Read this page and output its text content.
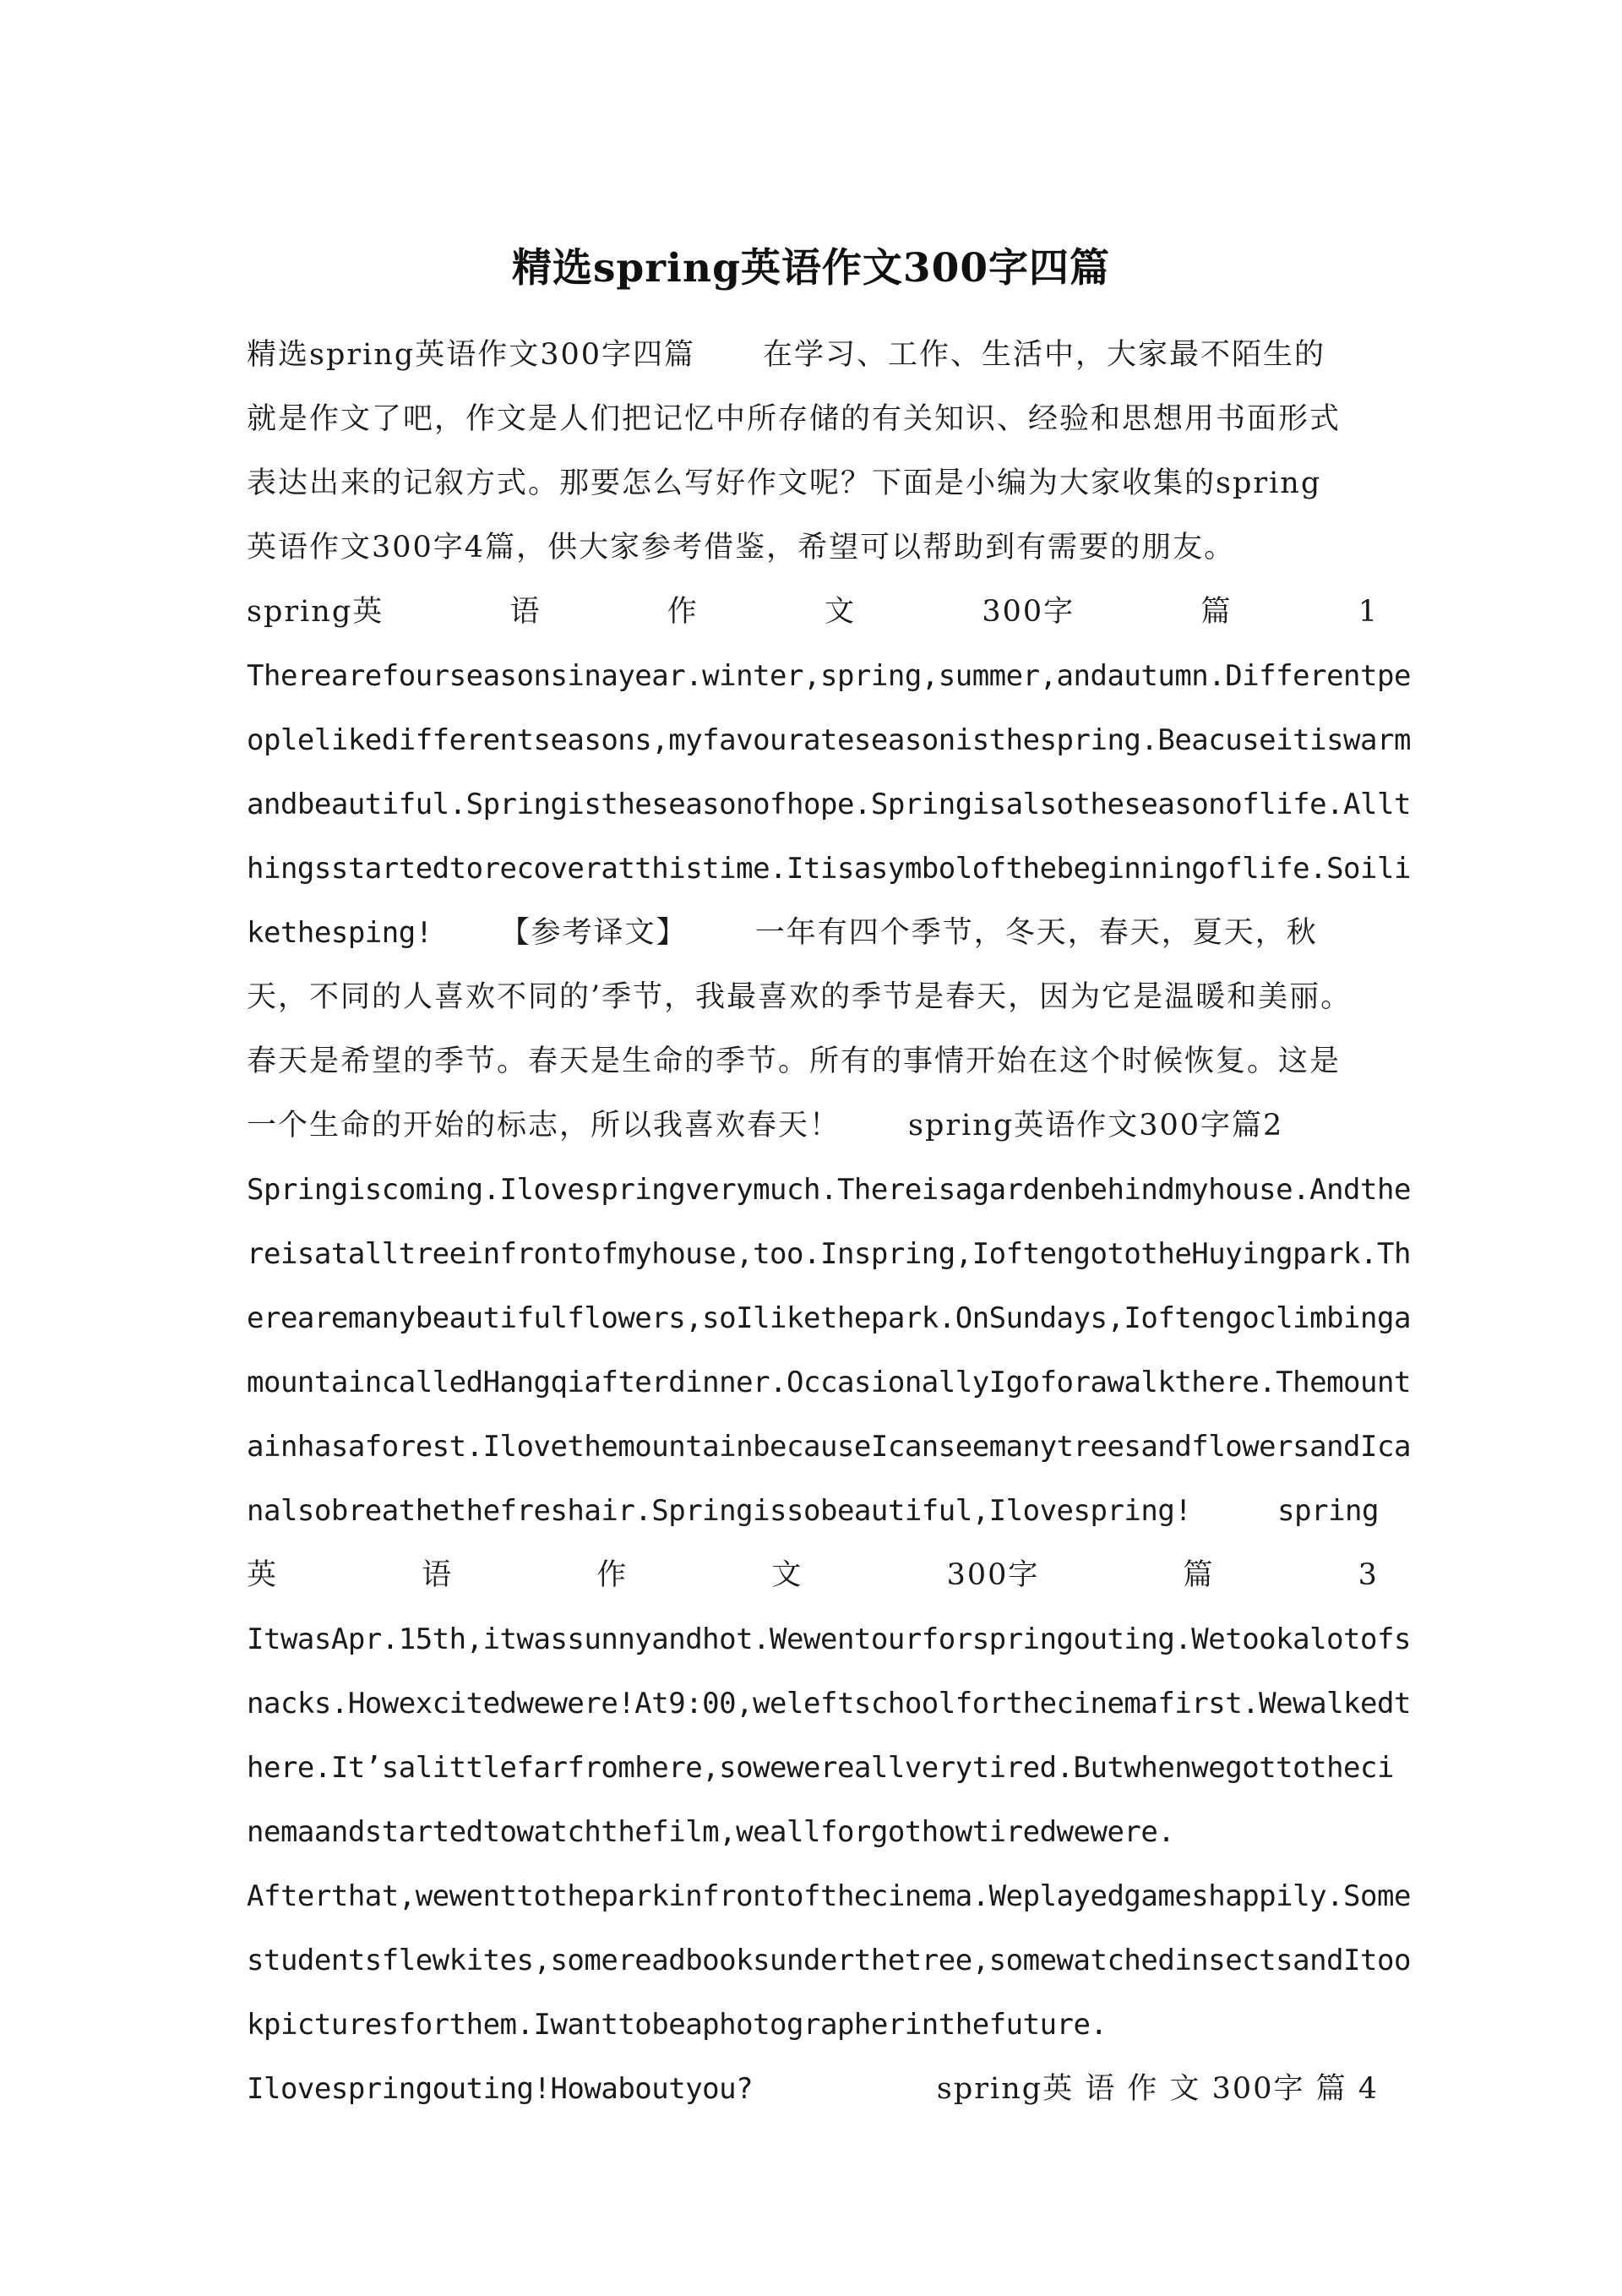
精选spring英语作文300字四篇
精选spring英语作文300字四篇 在学习、工作、生活中，大家最不陌生的
就是作文了吧，作文是人们把记忆中所存储的有关知识、经验和思想用书面形式
表达出来的记叙方式。那要怎么写好作文呢？下面是小编为大家收集的spring
英语作文300字4篇，供大家参考借鉴，希望可以帮助到有需要的朋友。
spring英	语	作	文	300字	篇	1
Therearefourseasonsinayear.winter,spring,summer,andautumn.Differentpe
oplelikedifferentseasons,myfavourateseasonisthespring.Beacuseitiswarm
andbeautiful.Springistheseasonofhope.Springisalsotheseasonoflife.Allt
hingsstartedtorecoveratthistime.Itisasymbolofthebeginningoflife.Soili
kethesping! 【参考译文】 一年有四个季节，冬天，春天，夏天，秋
天，不同的人喜欢不同的’季节，我最喜欢的季节是春天，因为它是温暖和美丽。
春天是希望的季节。春天是生命的季节。所有的事情开始在这个时候恢复。这是
一个生命的开始的标志，所以我喜欢春天！ spring英语作文300字篇2
Springiscoming.Ilovespringverymuch.Thereisagardenbehindmyhouse.Andthe
reisatalltreeinfrontofmyhouse,too.Inspring,IoftengototheHuyingpark.Th
erearemanybeautifulflowers,soIlikethepark.OnSundays,Ioftengoclimbinga
mountaincalledHangqiafterdinner.OccasionallyIgoforawalkthere.Themount
ainhasaforest.IlovethemountainbecauseIcanseemanytreesandflowersandIca
nalsobreathethefreshair.Springissobeautiful,Ilovespring!	spring
英	语	作	文	300字	篇	3
ItwasApr.15th,itwassunnyandhot.Wewentourforspringouting.Wetookalotofs
nacks.Howexcitedwewere!At9:00,weleftschoolforthecinemafirst.Wewalkedt
here.It’salittlefarfromhere,sowewereallverytired.Butwhenwegottotheci
nemaandstartedtowatchthefilm,weallforgothowtiredwewere.
Afterthat,wewenttotheparkinfrontofthecinema.Weplayedgameshappily.Some
studentsflewkites,somereadbooksunderthetree,somewatchedinsectsandItoo
kpicturesforthem.Iwanttobeaphotographerinthefuture.
Ilovespringouting!Howaboutyou?	spring英 语 作 文 300字 篇 4
